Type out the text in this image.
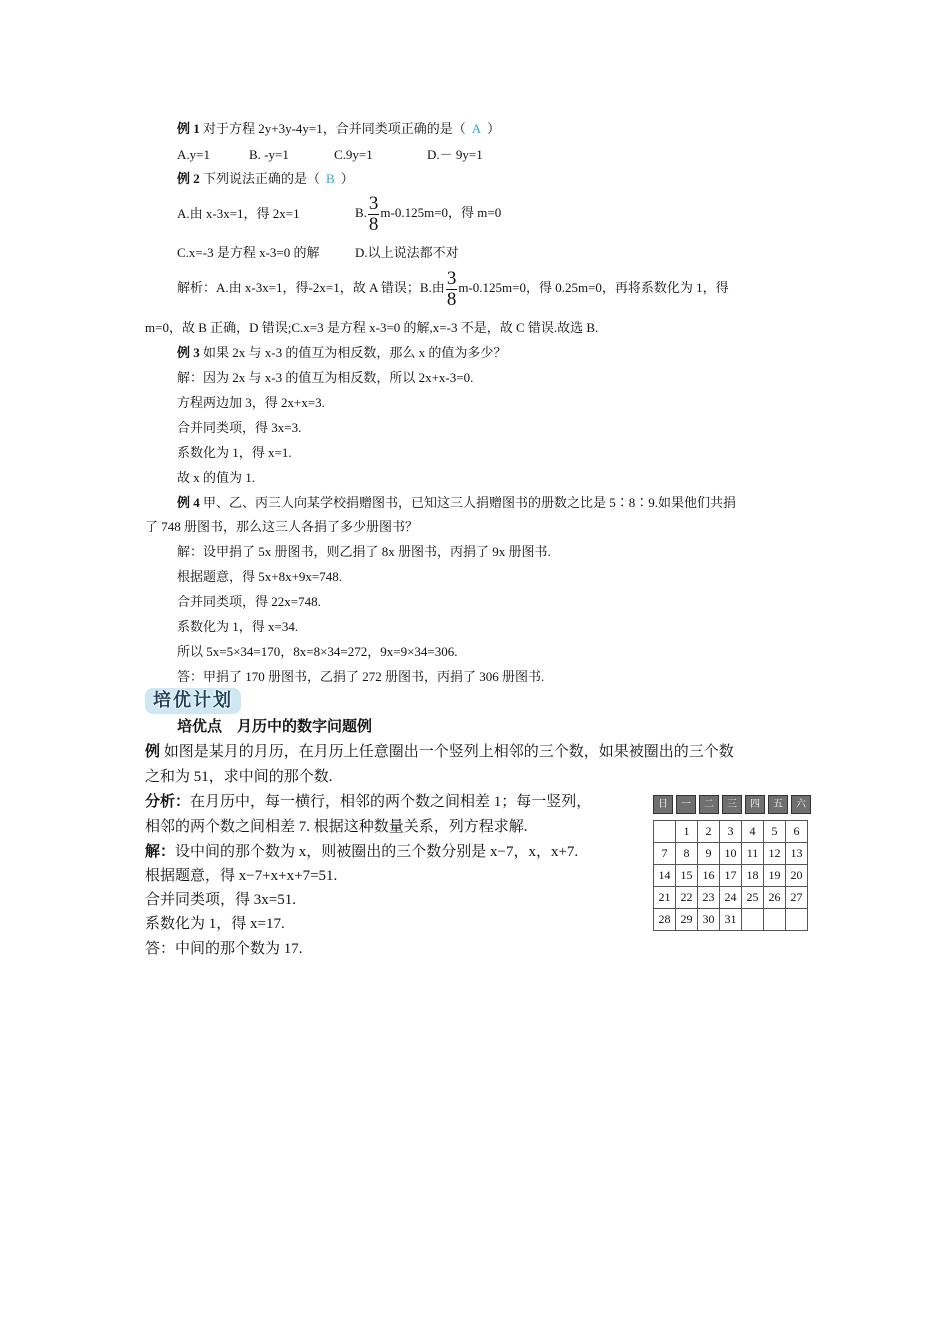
例 1 对于方程 2y+3y-4y=1，合并同类项正确的是（ A ）
A.y=1	B. -y=1	C.9y=1	D.－ 9y=1
例 2 下列说法正确的是（ B ）
A.由 x-3x=1，得 2x=1	B. $\frac{3}{8} m-0.125m=0$，得 m=0
C.x=-3 是方程 x-3=0 的解	D.以上说法都不对
解析：A.由 x-3x=1，得-2x=1，故 A 错误；B.由 $\frac{3}{8} m-0.125m=0$，得 0.25m=0，再将系数化为 1，得
m=0，故 B 正确，D 错误;C.x=3 是方程 x-3=0 的解,x=-3 不是，故 C 错误.故选 B.
例 3 如果 2x 与 x-3 的值互为相反数，那么 x 的值为多少？
解：因为 2x 与 x-3 的值互为相反数，所以 2x+x-3=0.
方程两边加 3，得 2x+x=3.
合并同类项，得 3x=3.
系数化为 1，得 x=1.
故 x 的值为 1.
例 4 甲、乙、丙三人向某学校捐赠图书，已知这三人捐赠图书的册数之比是 5∶8∶9.如果他们共捐
了 748 册图书，那么这三人各捐了多少册图书？
解：设甲捐了 5x 册图书，则乙捐了 8x 册图书，丙捐了 9x 册图书.
根据题意，得 5x+8x+9x=748.
合并同类项，得 22x=748.
系数化为 1，得 x=34.
所以 5x=5×34=170，8x=8×34=272，9x=9×34=306.
答：甲捐了 170 册图书，乙捐了 272 册图书，丙捐了 306 册图书.
培优计划
培优点　月历中的数字问题例
例 如图是某月的月历，在月历上任意圈出一个竖列上相邻的三个数，如果被圈出的三个数
之和为 51，求中间的那个数.
分析：在月历中，每一横行，相邻的两个数之间相差 1；每一竖列，
相邻的两个数之间相差 7. 根据这种数量关系，列方程求解.
解：设中间的那个数为 x，则被圈出的三个数分别是 x−7，x，x+7.
根据题意，得 x−7+x+x+7=51.
合并同类项，得 3x=51.
系数化为 1，得 x=17.
答：中间的那个数为 17.
日	一	二	三	四	五	六
	1	2	3	4	5	6
7	8	9	10	11	12	13
14	15	16	17	18	19	20
21	22	23	24	25	26	27
28	29	30	31			
